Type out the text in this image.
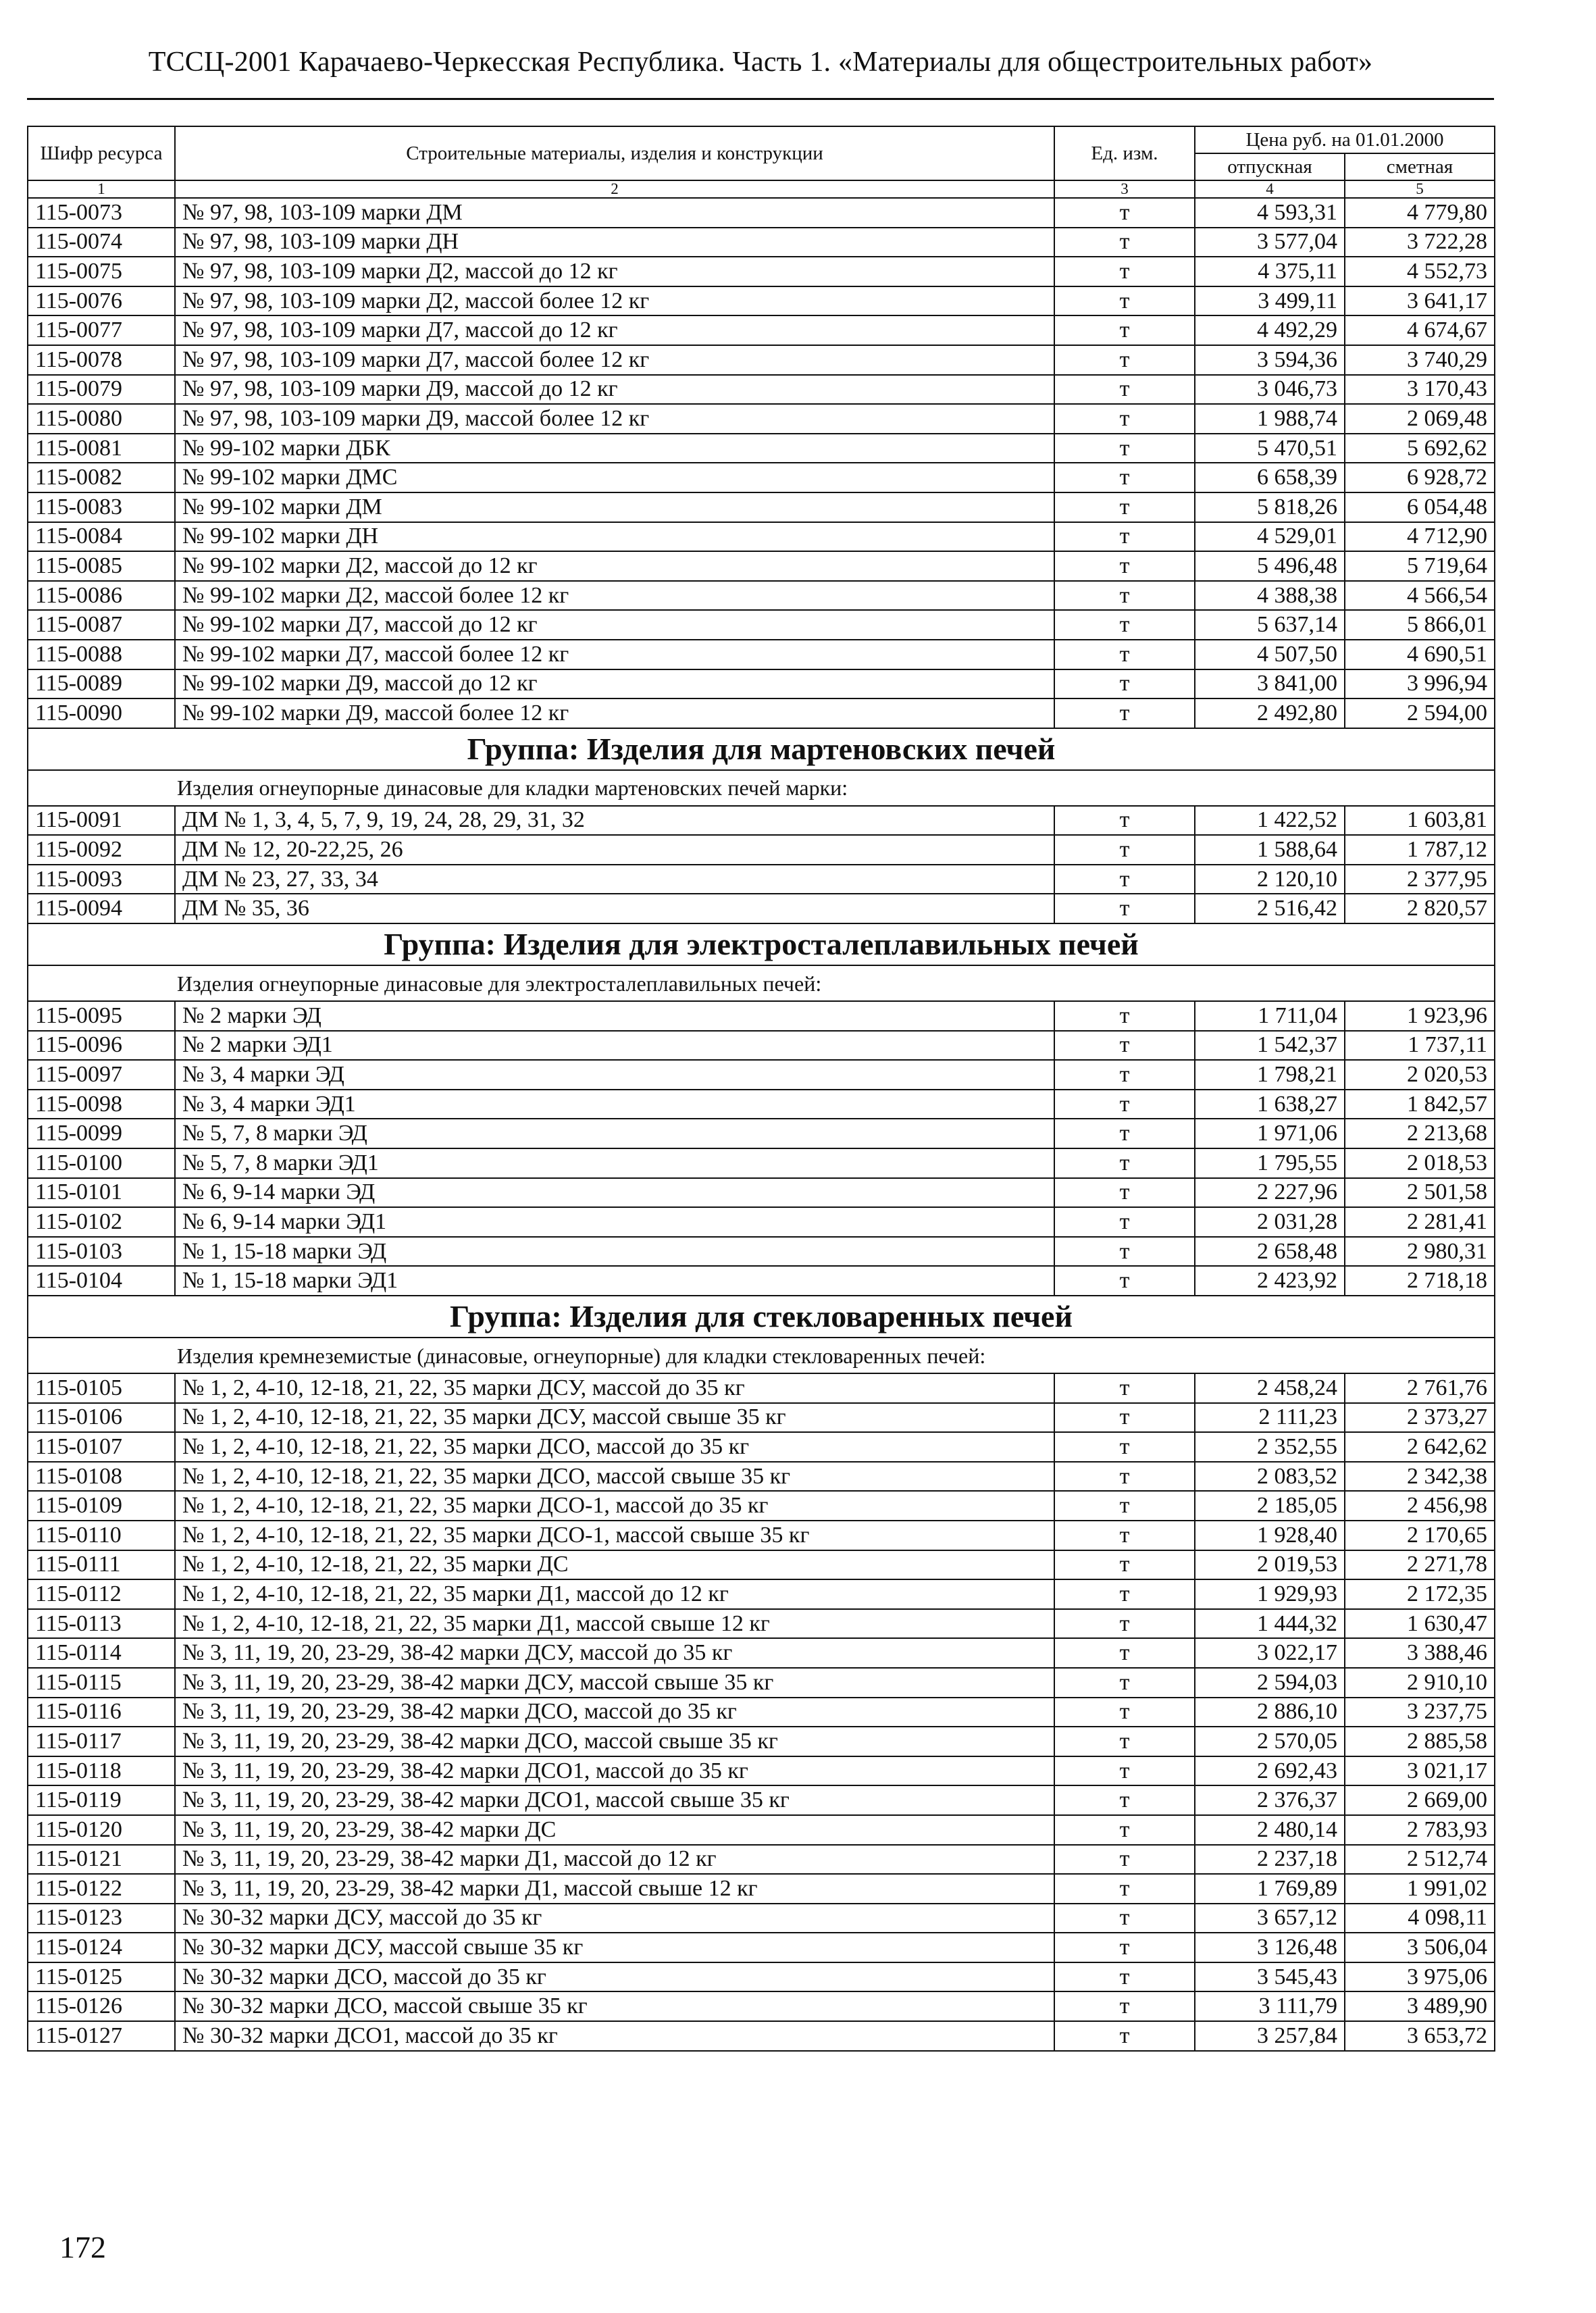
ТССЦ-2001 Карачаево-Черкесская Республика. Часть 1. «Материалы для общестроительных работ»
Шифр ресурса	Строительные материалы, изделия и конструкции	Ед. изм.	Цена руб. на 01.01.2000	
			отпускная	сметная
1	2	3	4	5
115-0073	№ 97, 98, 103-109 марки ДМ	т	4 593,31	4 779,80
115-0074	№ 97, 98, 103-109 марки ДН	т	3 577,04	3 722,28
115-0075	№ 97, 98, 103-109 марки Д2, массой до 12 кг	т	4 375,11	4 552,73
115-0076	№ 97, 98, 103-109 марки Д2, массой более 12 кг	т	3 499,11	3 641,17
115-0077	№ 97, 98, 103-109 марки Д7, массой до 12 кг	т	4 492,29	4 674,67
115-0078	№ 97, 98, 103-109 марки Д7, массой более 12 кг	т	3 594,36	3 740,29
115-0079	№ 97, 98, 103-109 марки Д9, массой до 12 кг	т	3 046,73	3 170,43
115-0080	№ 97, 98, 103-109 марки Д9, массой более 12 кг	т	1 988,74	2 069,48
115-0081	№ 99-102 марки ДБК	т	5 470,51	5 692,62
115-0082	№ 99-102 марки ДМС	т	6 658,39	6 928,72
115-0083	№ 99-102 марки ДМ	т	5 818,26	6 054,48
115-0084	№ 99-102 марки ДН	т	4 529,01	4 712,90
115-0085	№ 99-102 марки Д2, массой до 12 кг	т	5 496,48	5 719,64
115-0086	№ 99-102 марки Д2, массой более 12 кг	т	4 388,38	4 566,54
115-0087	№ 99-102 марки Д7, массой до 12 кг	т	5 637,14	5 866,01
115-0088	№ 99-102 марки Д7, массой более 12 кг	т	4 507,50	4 690,51
115-0089	№ 99-102 марки Д9, массой до 12 кг	т	3 841,00	3 996,94
115-0090	№ 99-102 марки Д9, массой более 12 кг	т	2 492,80	2 594,00
Группа: Изделия для мартеновских печей				
Изделия огнеупорные динасовые для кладки мартеновских печей марки:				
115-0091	ДМ № 1, 3, 4, 5, 7, 9, 19, 24, 28, 29, 31, 32	т	1 422,52	1 603,81
115-0092	ДМ № 12, 20-22,25, 26	т	1 588,64	1 787,12
115-0093	ДМ № 23, 27, 33, 34	т	2 120,10	2 377,95
115-0094	ДМ № 35, 36	т	2 516,42	2 820,57
Группа: Изделия для электросталеплавильных печей				
Изделия огнеупорные динасовые для электросталеплавильных печей:				
115-0095	№ 2 марки ЭД	т	1 711,04	1 923,96
115-0096	№ 2 марки ЭД1	т	1 542,37	1 737,11
115-0097	№ 3, 4 марки ЭД	т	1 798,21	2 020,53
115-0098	№ 3, 4 марки ЭД1	т	1 638,27	1 842,57
115-0099	№ 5, 7, 8 марки ЭД	т	1 971,06	2 213,68
115-0100	№ 5, 7, 8 марки ЭД1	т	1 795,55	2 018,53
115-0101	№ 6, 9-14 марки ЭД	т	2 227,96	2 501,58
115-0102	№ 6, 9-14 марки ЭД1	т	2 031,28	2 281,41
115-0103	№ 1, 15-18 марки ЭД	т	2 658,48	2 980,31
115-0104	№ 1, 15-18 марки ЭД1	т	2 423,92	2 718,18
Группа: Изделия для стекловаренных печей				
Изделия кремнеземистые (динасовые, огнеупорные) для кладки стекловаренных печей:				
115-0105	№ 1, 2, 4-10, 12-18, 21, 22, 35 марки ДСУ, массой до 35 кг	т	2 458,24	2 761,76
115-0106	№ 1, 2, 4-10, 12-18, 21, 22, 35 марки ДСУ, массой свыше 35 кг	т	2 111,23	2 373,27
115-0107	№ 1, 2, 4-10, 12-18, 21, 22, 35 марки ДСО, массой до 35 кг	т	2 352,55	2 642,62
115-0108	№ 1, 2, 4-10, 12-18, 21, 22, 35 марки ДСО, массой свыше 35 кг	т	2 083,52	2 342,38
115-0109	№ 1, 2, 4-10, 12-18, 21, 22, 35 марки ДСО-1, массой до 35 кг	т	2 185,05	2 456,98
115-0110	№ 1, 2, 4-10, 12-18, 21, 22, 35 марки ДСО-1, массой свыше 35 кг	т	1 928,40	2 170,65
115-0111	№ 1, 2, 4-10, 12-18, 21, 22, 35 марки ДС	т	2 019,53	2 271,78
115-0112	№ 1, 2, 4-10, 12-18, 21, 22, 35 марки Д1, массой до 12 кг	т	1 929,93	2 172,35
115-0113	№ 1, 2, 4-10, 12-18, 21, 22, 35 марки Д1, массой свыше 12 кг	т	1 444,32	1 630,47
115-0114	№ 3, 11, 19, 20, 23-29, 38-42 марки ДСУ, массой до 35 кг	т	3 022,17	3 388,46
115-0115	№ 3, 11, 19, 20, 23-29, 38-42 марки ДСУ, массой свыше 35 кг	т	2 594,03	2 910,10
115-0116	№ 3, 11, 19, 20, 23-29, 38-42 марки ДСО, массой до 35 кг	т	2 886,10	3 237,75
115-0117	№ 3, 11, 19, 20, 23-29, 38-42 марки ДСО, массой свыше 35 кг	т	2 570,05	2 885,58
115-0118	№ 3, 11, 19, 20, 23-29, 38-42 марки ДСО1, массой до 35 кг	т	2 692,43	3 021,17
115-0119	№ 3, 11, 19, 20, 23-29, 38-42 марки ДСО1, массой свыше 35 кг	т	2 376,37	2 669,00
115-0120	№ 3, 11, 19, 20, 23-29, 38-42 марки ДС	т	2 480,14	2 783,93
115-0121	№ 3, 11, 19, 20, 23-29, 38-42 марки Д1, массой до 12 кг	т	2 237,18	2 512,74
115-0122	№ 3, 11, 19, 20, 23-29, 38-42 марки Д1, массой свыше 12 кг	т	1 769,89	1 991,02
115-0123	№ 30-32 марки ДСУ, массой до 35 кг	т	3 657,12	4 098,11
115-0124	№ 30-32 марки ДСУ, массой свыше 35 кг	т	3 126,48	3 506,04
115-0125	№ 30-32 марки ДСО, массой до 35 кг	т	3 545,43	3 975,06
115-0126	№ 30-32 марки ДСО, массой свыше 35 кг	т	3 111,79	3 489,90
115-0127	№ 30-32 марки ДСО1, массой до 35 кг	т	3 257,84	3 653,72
172
